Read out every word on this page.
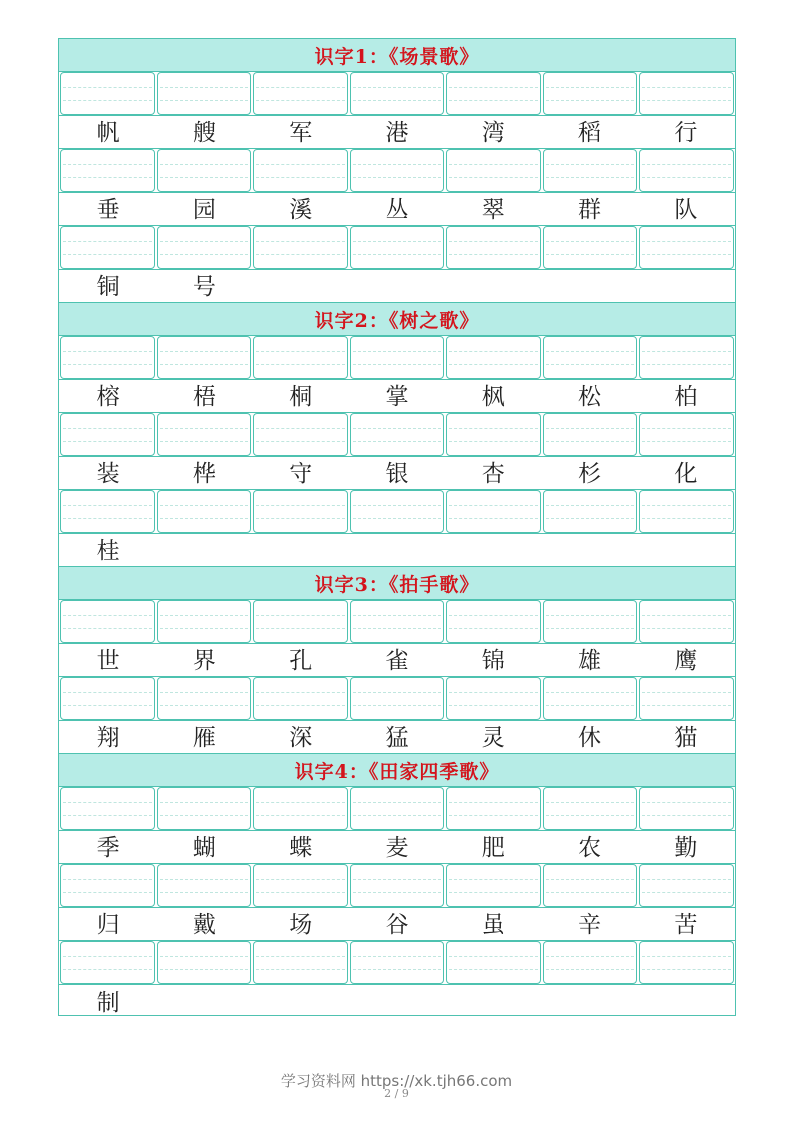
识字1：《场景歌》
帆	艘	军	港	湾	稻	行
垂	园	溪	丛	翠	群	队
铜	号
识字2：《树之歌》
榕	梧	桐	掌	枫	松	柏
装	桦	守	银	杏	杉	化
桂
识字3：《拍手歌》
世	界	孔	雀	锦	雄	鹰
翔	雁	深	猛	灵	休	猫
识字4：《田家四季歌》
季	蝴	蝶	麦	肥	农	勤
归	戴	场	谷	虽	辛	苦
制
学习资料网 https://xk.tjh66.com
2 / 9
